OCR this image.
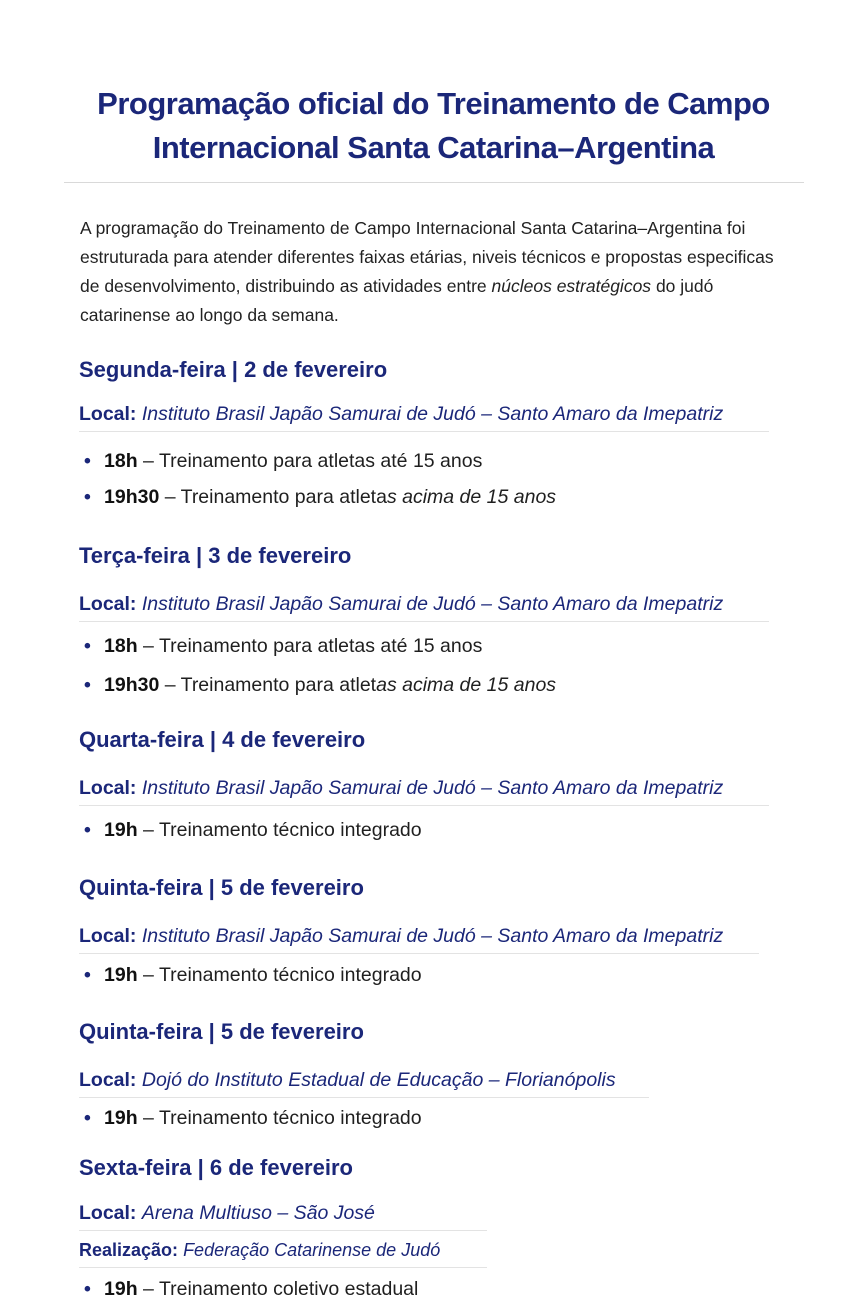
Programação oficial do Treinamento de Campo
Internacional Santa Catarina–Argentina

A programação do Treinamento de Campo Internacional Santa Catarina–Argentina foi estruturada para atender diferentes faixas etárias, niveis técnicos e propostas especificas de desenvolvimento, distribuindo as atividades entre núcleos estratégicos do judó catarinense ao longo da semana.

Segunda-feira | 2 de fevereiro
Local: Instituto Brasil Japão Samurai de Judó – Santo Amaro da Imepatriz
• 18h – Treinamento para atletas até 15 anos
• 19h30 – Treinamento para atletas acima de 15 anos
Terça-feira | 3 de fevereiro
Local: Instituto Brasil Japão Samurai de Judó – Santo Amaro da Imepatriz
• 18h – Treinamento para atletas até 15 anos
• 19h30 – Treinamento para atletas acima de 15 anos
Quarta-feira | 4 de fevereiro
Local: Instituto Brasil Japão Samurai de Judó – Santo Amaro da Imepatriz
• 19h – Treinamento técnico integrado
Quinta-feira | 5 de fevereiro
Local: Instituto Brasil Japão Samurai de Judó – Santo Amaro da Imepatriz
• 19h – Treinamento técnico integrado
Quinta-feira | 5 de fevereiro
Local: Dojó do Instituto Estadual de Educação – Florianópolis
• 19h – Treinamento técnico integrado
Sexta-feira | 6 de fevereiro
Local: Arena Multiuso – São José
Realização: Federação Catarinense de Judó
• 19h – Treinamento coletivo estadual
